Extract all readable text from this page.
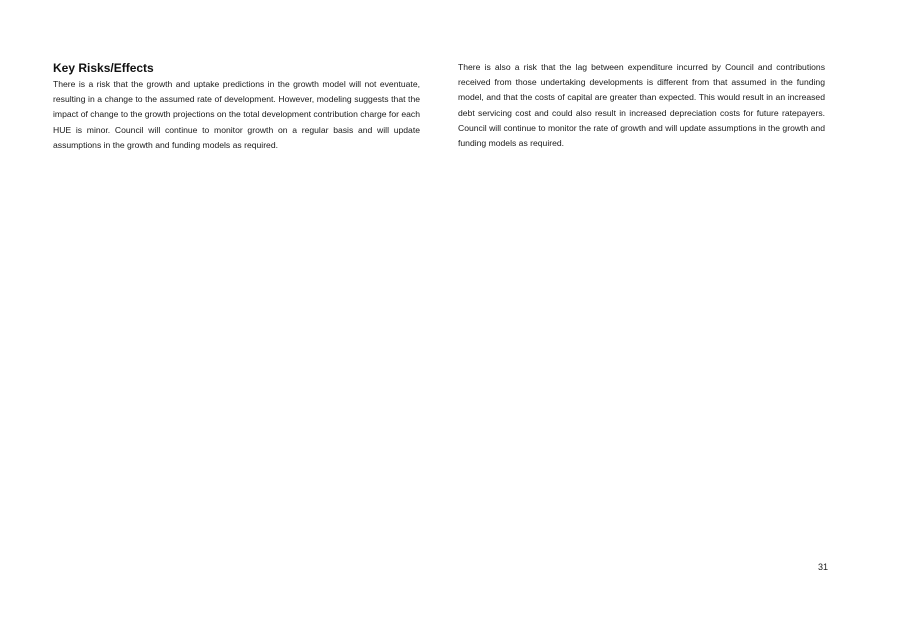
Key Risks/Effects

There is a risk that the growth and uptake predictions in the growth model will not eventuate, resulting in a change to the assumed rate of development. However, modeling suggests that the impact of change to the growth projections on the total development contribution charge for each HUE is minor. Council will continue to monitor growth on a regular basis and will update assumptions in the growth and funding models as required.

There is also a risk that the lag between expenditure incurred by Council and contributions received from those undertaking developments is different from that assumed in the funding model, and that the costs of capital are greater than expected. This would result in an increased debt servicing cost and could also result in increased depreciation costs for future ratepayers. Council will continue to monitor the rate of growth and will update assumptions in the growth and funding models as required.

31
